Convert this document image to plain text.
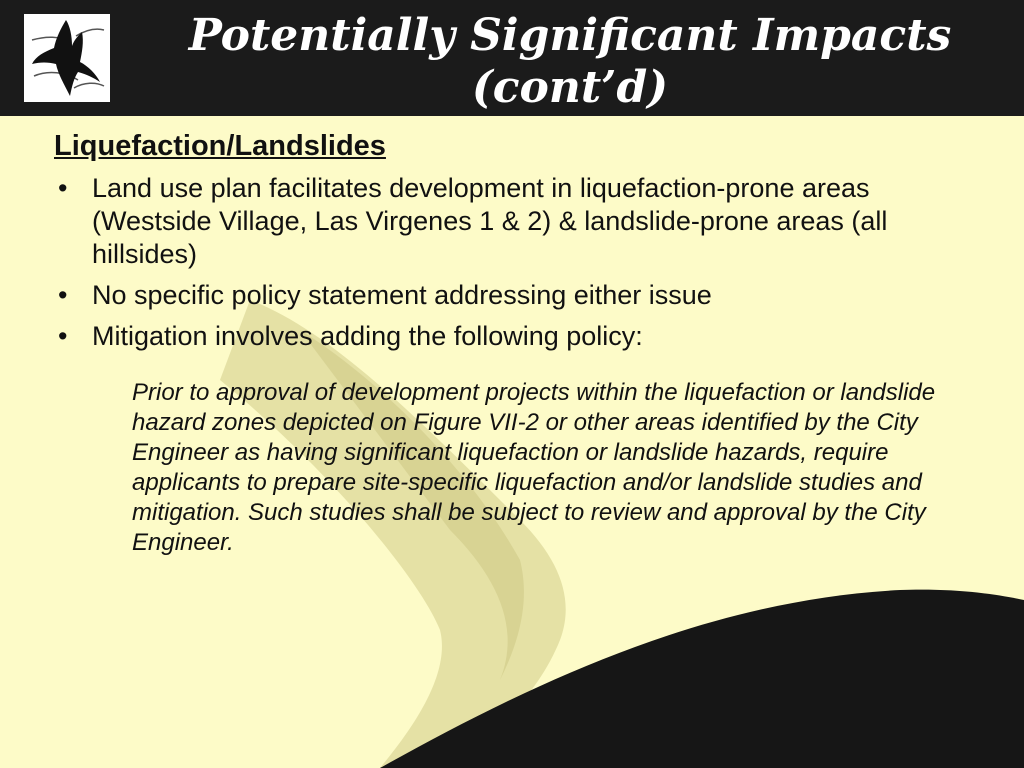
Potentially Significant Impacts
(cont’d)
Liquefaction/Landslides
• Land use plan facilitates development in liquefaction-prone areas (Westside Village, Las Virgenes 1 & 2) & landslide-prone areas (all hillsides)
• No specific policy statement addressing either issue
• Mitigation involves adding the following policy:

Prior to approval of development projects within the liquefaction or landslide hazard zones depicted on Figure VII-2 or other areas identified by the City Engineer as having significant liquefaction or landslide hazards, require applicants to prepare site-specific liquefaction and/or landslide studies and mitigation. Such studies shall be subject to review and approval by the City Engineer.
